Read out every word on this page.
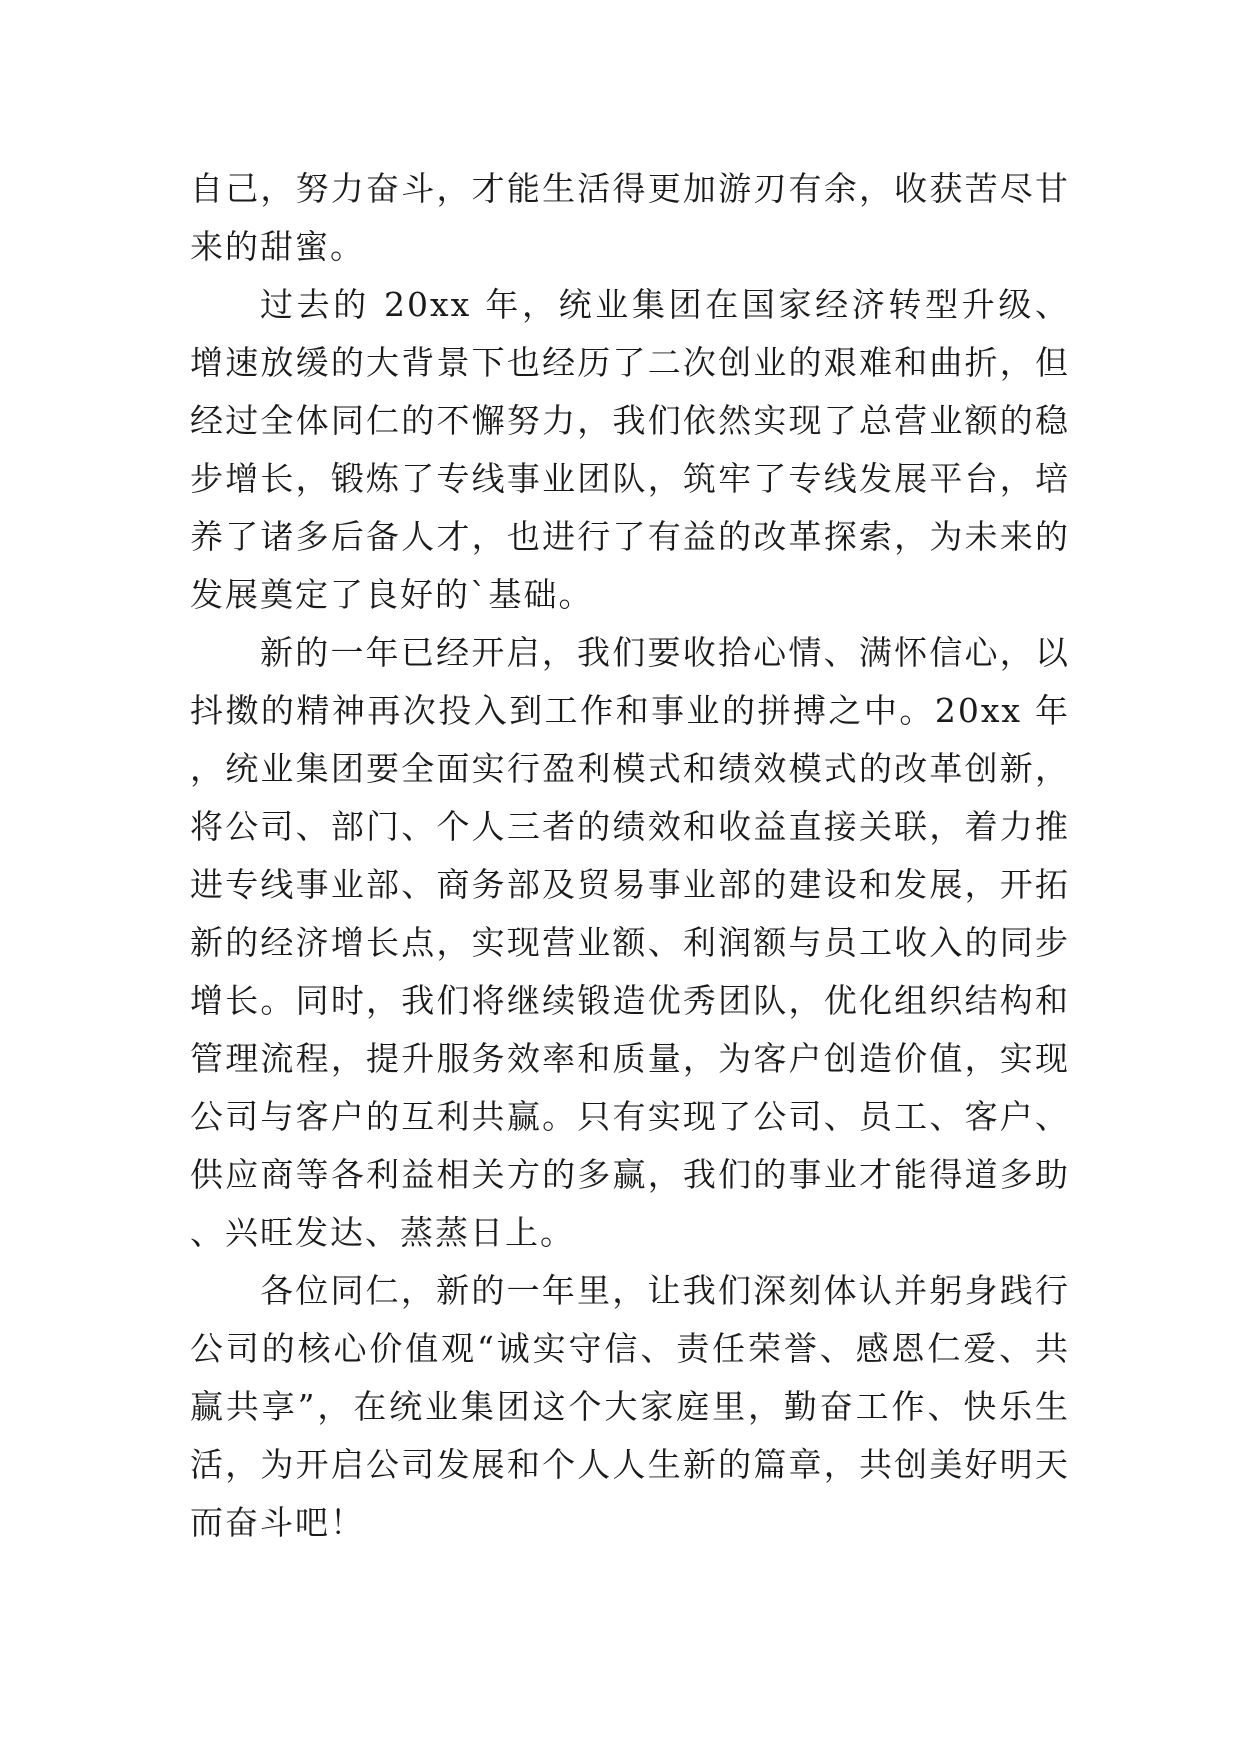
自己，努力奋斗，才能生活得更加游刃有余，收获苦尽甘来的甜蜜。

过去的 20xx 年，统业集团在国家经济转型升级、增速放缓的大背景下也经历了二次创业的艰难和曲折，但经过全体同仁的不懈努力，我们依然实现了总营业额的稳步增长，锻炼了专线事业团队，筑牢了专线发展平台，培养了诸多后备人才，也进行了有益的改革探索，为未来的发展奠定了良好的`基础。

新的一年已经开启，我们要收拾心情、满怀信心，以抖擞的精神再次投入到工作和事业的拼搏之中。20xx 年，统业集团要全面实行盈利模式和绩效模式的改革创新，将公司、部门、个人三者的绩效和收益直接关联，着力推进专线事业部、商务部及贸易事业部的建设和发展，开拓新的经济增长点，实现营业额、利润额与员工收入的同步增长。同时，我们将继续锻造优秀团队，优化组织结构和管理流程，提升服务效率和质量，为客户创造价值，实现公司与客户的互利共赢。只有实现了公司、员工、客户、供应商等各利益相关方的多赢，我们的事业才能得道多助、兴旺发达、蒸蒸日上。

各位同仁，新的一年里，让我们深刻体认并躬身践行公司的核心价值观“诚实守信、责任荣誉、感恩仁爱、共赢共享”，在统业集团这个大家庭里，勤奋工作、快乐生活，为开启公司发展和个人人生新的篇章，共创美好明天而奋斗吧！
